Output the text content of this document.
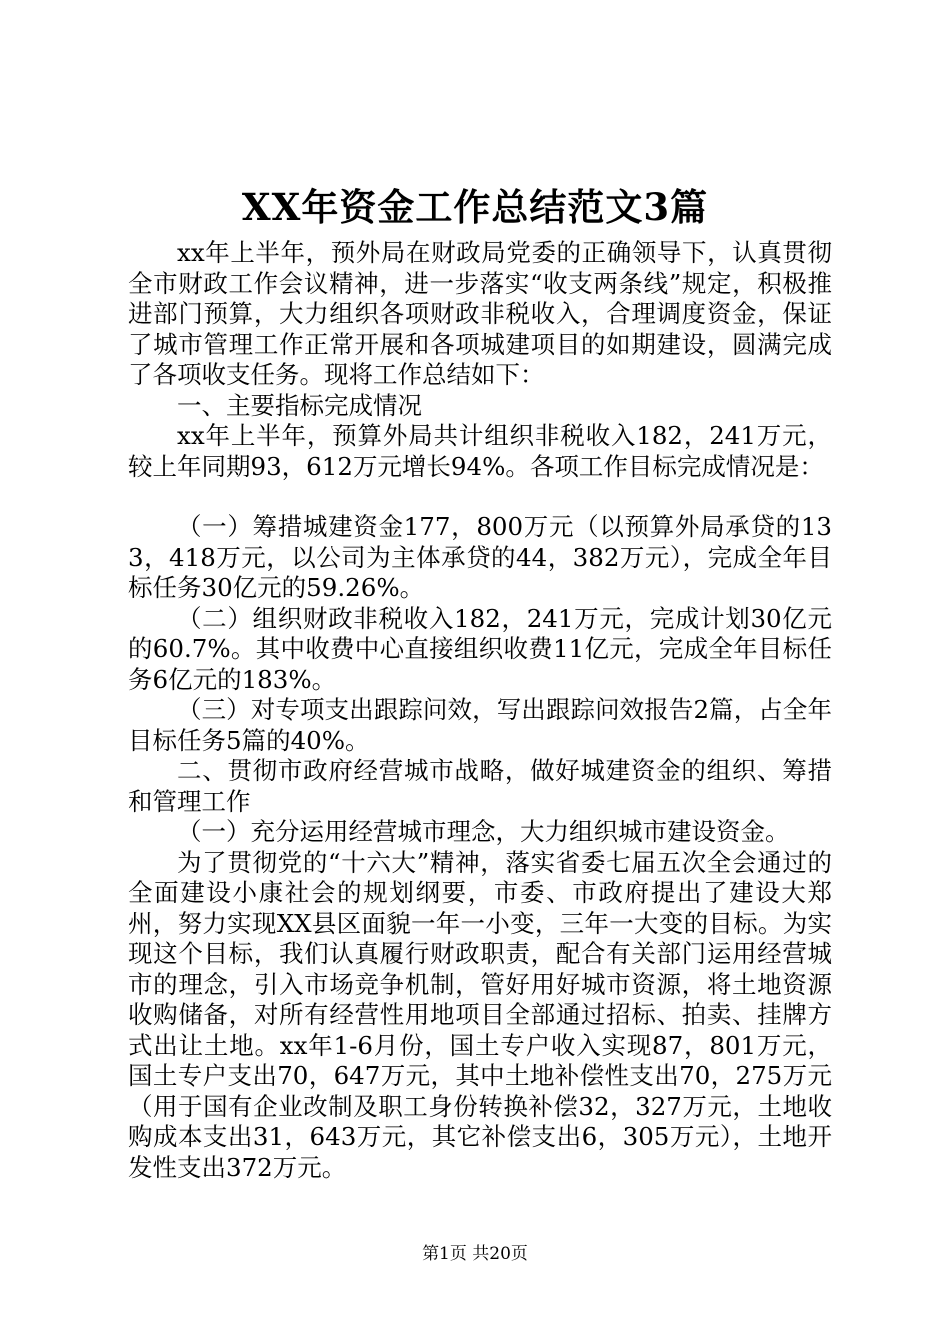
XX年资金工作总结范文3篇

xx年上半年，预外局在财政局党委的正确领导下，认真贯彻全市财政工作会议精神，进一步落实“收支两条线”规定，积极推进部门预算，大力组织各项财政非税收入，合理调度资金，保证了城市管理工作正常开展和各项城建项目的如期建设，圆满完成了各项收支任务。现将工作总结如下：

一、主要指标完成情况

xx年上半年，预算外局共计组织非税收入182，241万元，较上年同期93，612万元增长94%。各项工作目标完成情况是：

（一）筹措城建资金177，800万元（以预算外局承贷的133，418万元，以公司为主体承贷的44，382万元），完成全年目标任务30亿元的59.26%。

（二）组织财政非税收入182，241万元，完成计划30亿元的60.7%。其中收费中心直接组织收费11亿元，完成全年目标任务6亿元的183%。

（三）对专项支出跟踪问效，写出跟踪问效报告2篇，占全年目标任务5篇的40%。

二、贯彻市政府经营城市战略，做好城建资金的组织、筹措和管理工作

（一）充分运用经营城市理念，大力组织城市建设资金。

为了贯彻党的“十六大”精神，落实省委七届五次全会通过的全面建设小康社会的规划纲要，市委、市政府提出了建设大郑州，努力实现XX县区面貌一年一小变，三年一大变的目标。为实现这个目标，我们认真履行财政职责，配合有关部门运用经营城市的理念，引入市场竞争机制，管好用好城市资源，将土地资源收购储备，对所有经营性用地项目全部通过招标、拍卖、挂牌方式出让土地。xx年1-6月份，国土专户收入实现87，801万元，国土专户支出70，647万元，其中土地补偿性支出70，275万元（用于国有企业改制及职工身份转换补偿32，327万元，土地收购成本支出31，643万元，其它补偿支出6，305万元），土地开发性支出372万元。

第1页 共20页
